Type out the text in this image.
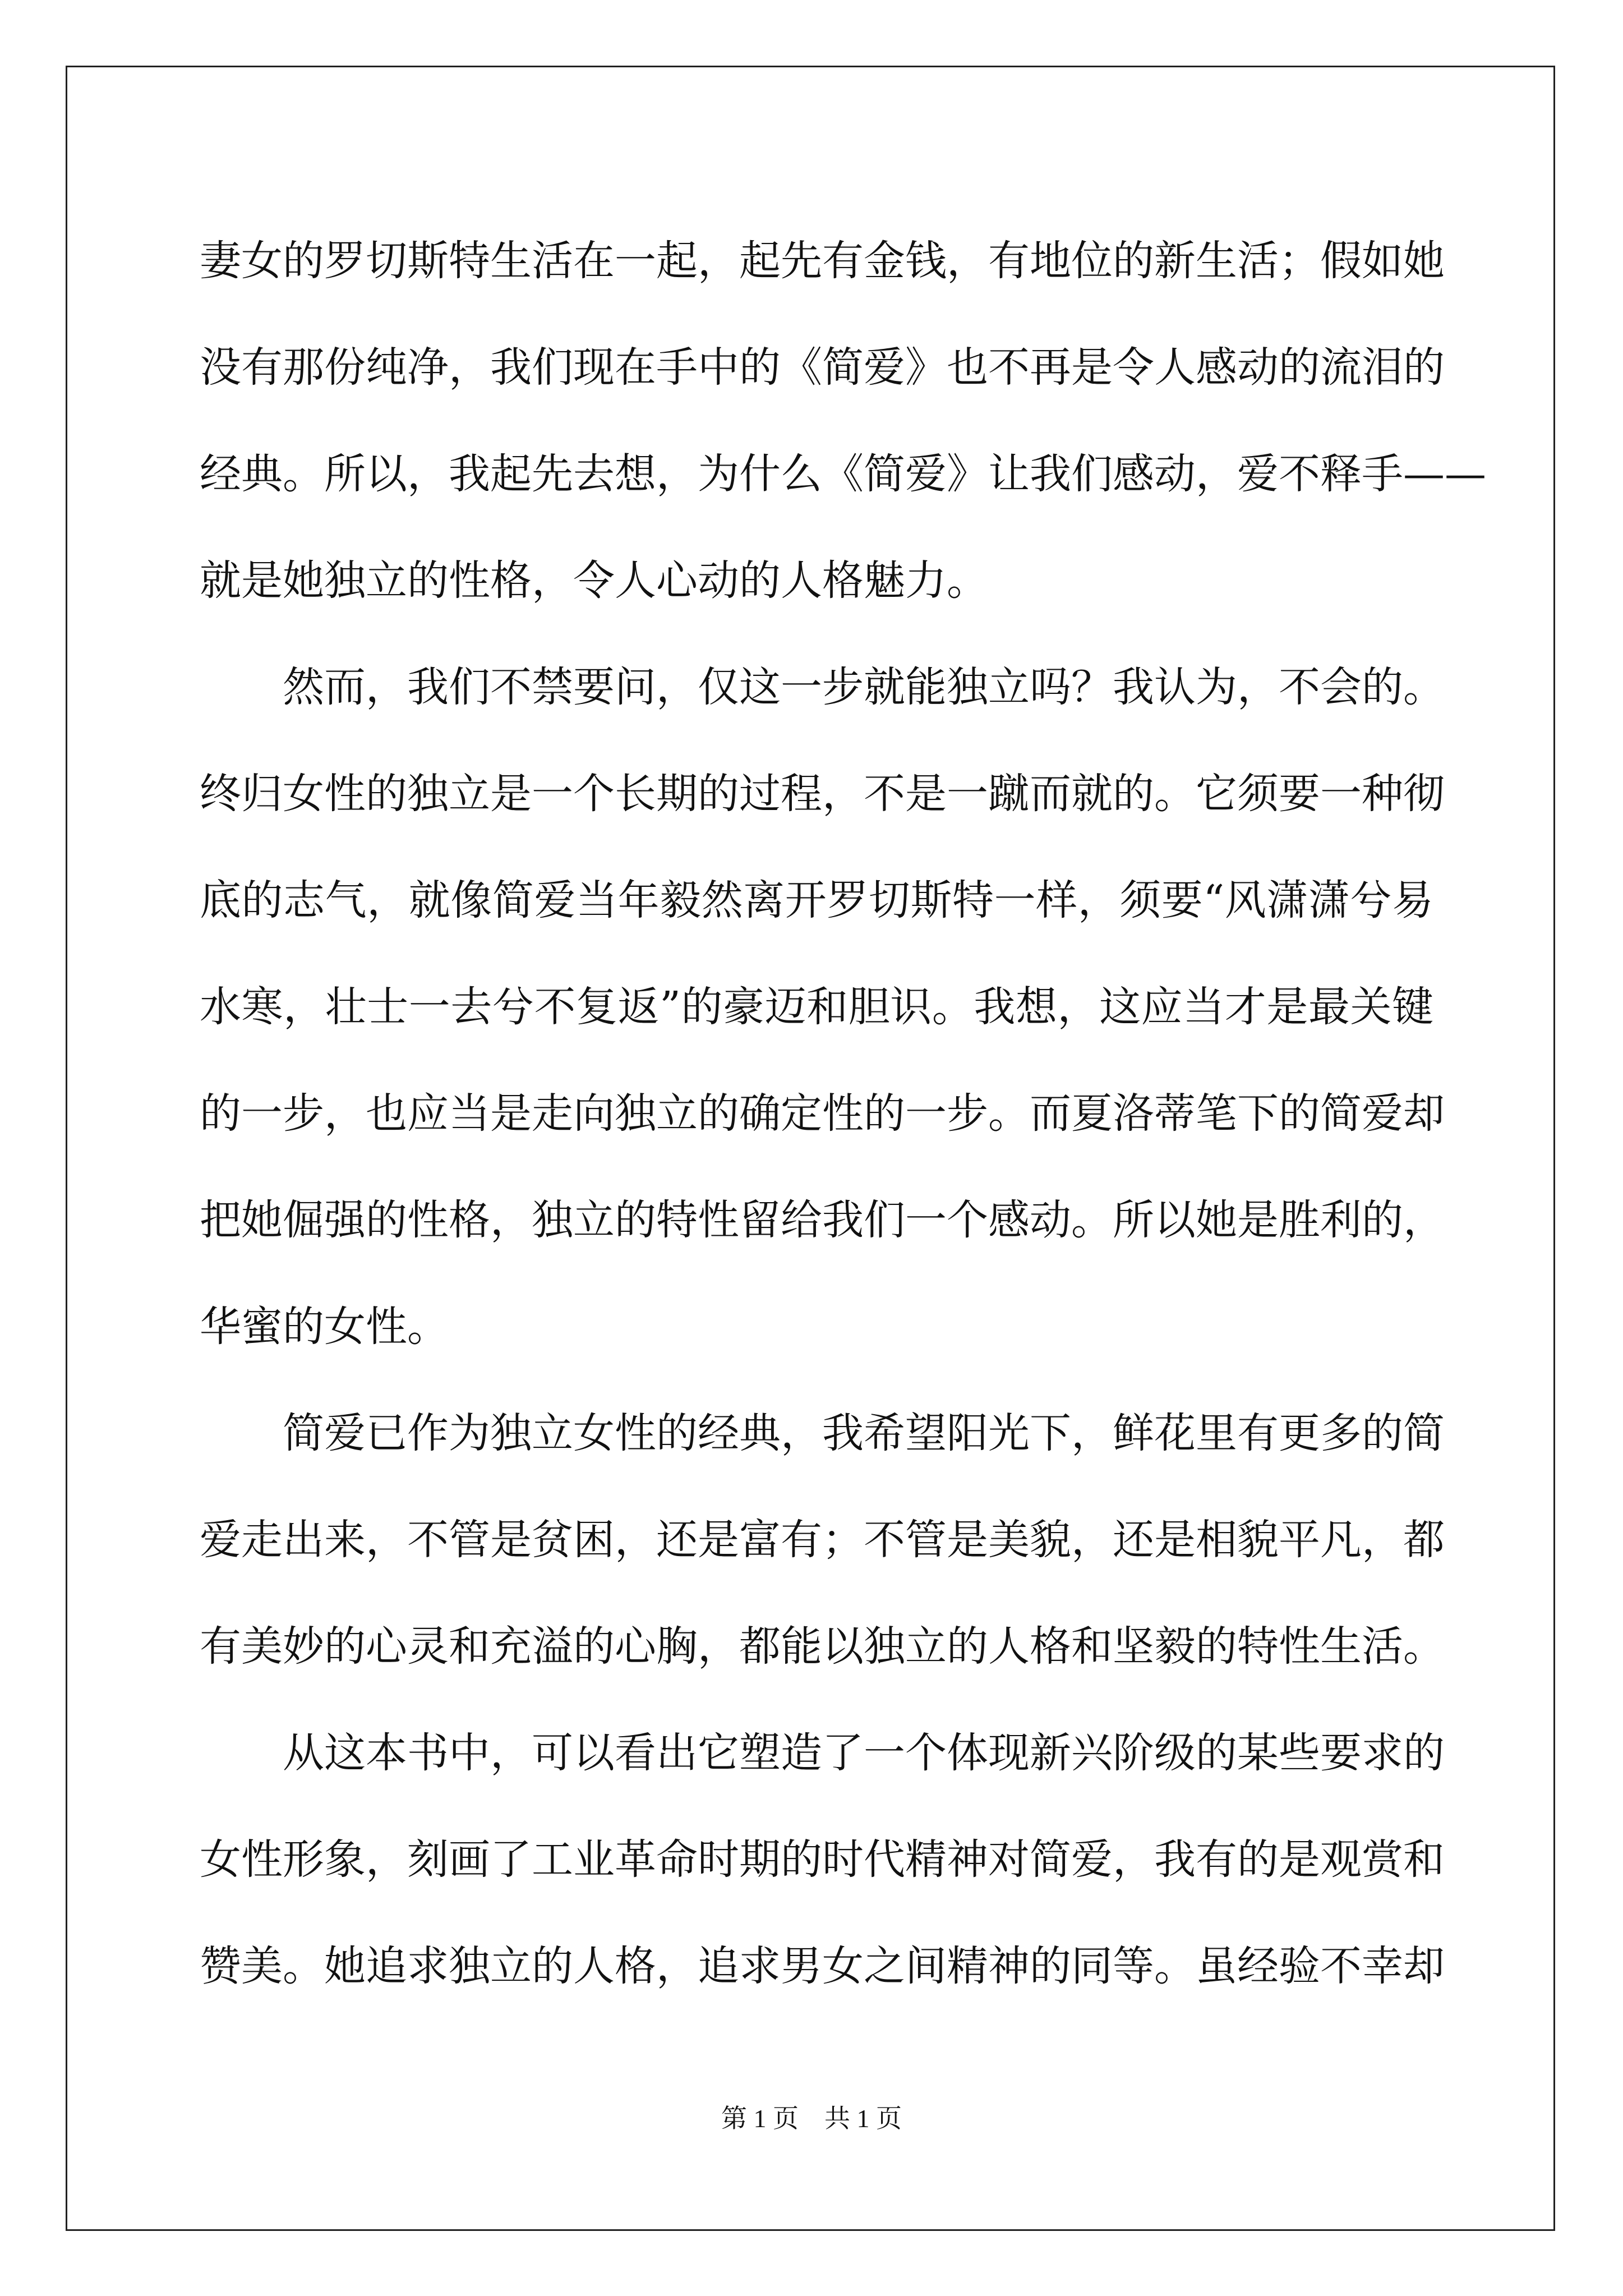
妻女的罗切斯特生活在一起，起先有金钱，有地位的新生活；假如她
没有那份纯净，我们现在手中的《简爱》也不再是令人感动的流泪的
经典。所以，我起先去想，为什么《简爱》让我们感动，爱不释手——
就是她独立的性格，令人心动的人格魅力。
然而，我们不禁要问，仅这一步就能独立吗？我认为，不会的。
终归女性的独立是一个长期的过程，不是一蹴而就的。它须要一种彻
底的志气，就像简爱当年毅然离开罗切斯特一样，须要“风潇潇兮易
水寒，壮士一去兮不复返”的豪迈和胆识。我想，这应当才是最关键
的一步，也应当是走向独立的确定性的一步。而夏洛蒂笔下的简爱却
把她倔强的性格，独立的特性留给我们一个感动。所以她是胜利的，
华蜜的女性。
简爱已作为独立女性的经典，我希望阳光下，鲜花里有更多的简
爱走出来，不管是贫困，还是富有；不管是美貌，还是相貌平凡，都
有美妙的心灵和充溢的心胸，都能以独立的人格和坚毅的特性生活。
从这本书中，可以看出它塑造了一个体现新兴阶级的某些要求的
女性形象，刻画了工业革命时期的时代精神对简爱，我有的是观赏和
赞美。她追求独立的人格，追求男女之间精神的同等。虽经验不幸却
第 1 页 共 1 页
